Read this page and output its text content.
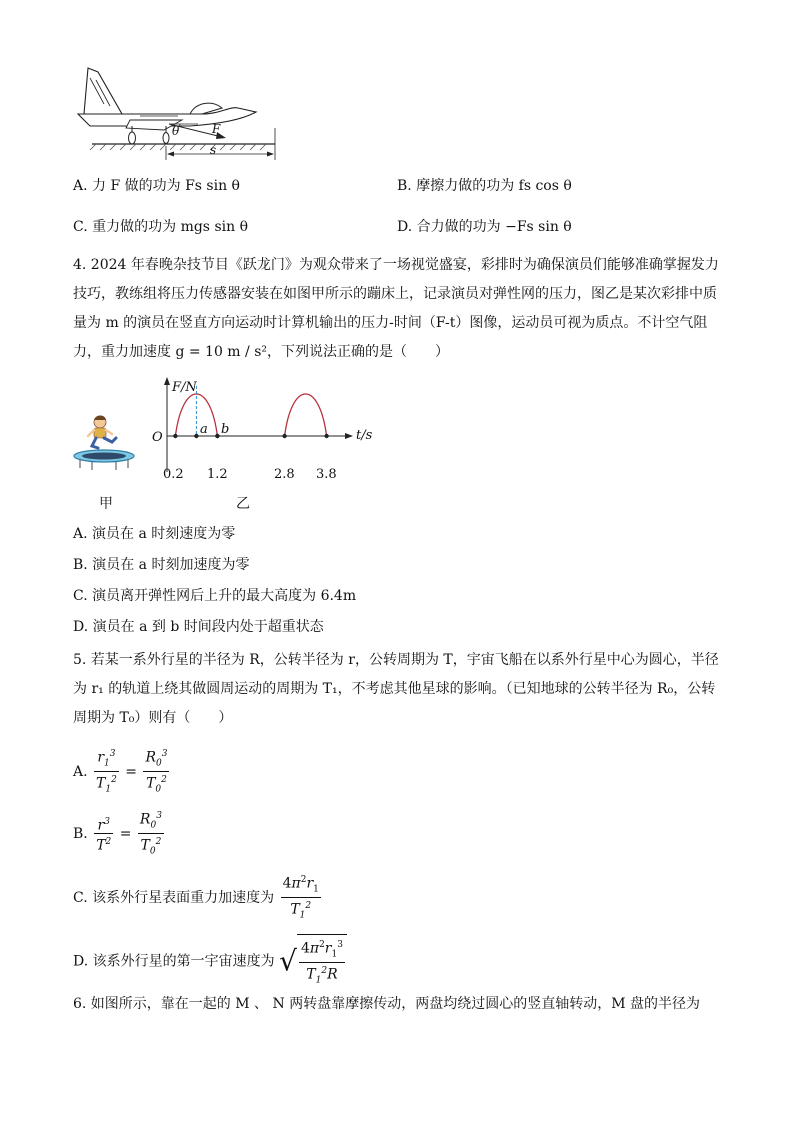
θ	F
s
A. 力 F 做的功为 Fs sin θ	B. 摩擦力做的功为 fs cos θ
C. 重力做的功为 mgs sin θ	D. 合力做的功为 −Fs sin θ
4. 2024 年春晚杂技节目《跃龙门》为观众带来了一场视觉盛宴，彩排时为确保演员们能够准确掌握发力技巧，教练组将压力传感器安装在如图甲所示的蹦床上，记录演员对弹性网的压力，图乙是某次彩排中质量为 m 的演员在竖直方向运动时计算机输出的压力-时间（F-t）图像，运动员可视为质点。不计空气阻力，重力加速度 g = 10 m / s²，下列说法正确的是（　　）
甲
F/N
t/s
O
a b
0.2 1.2	2.8 3.8
乙
A. 演员在 a 时刻速度为零
B. 演员在 a 时刻加速度为零
C. 演员离开弹性网后上升的最大高度为 6.4m
D. 演员在 a 到 b 时间段内处于超重状态
5. 若某一系外行星的半径为 R，公转半径为 r，公转周期为 T，宇宙飞船在以系外行星中心为圆心，半径为 r₁ 的轨道上绕其做圆周运动的周期为 T₁，不考虑其他星球的影响。（已知地球的公转半径为 R₀，公转周期为 T₀）则有（　　）
A. $\frac{r_1^3}{T_1^2} = \frac{R_0^3}{T_0^2}$
B. $\frac{r^3}{T^2} = \frac{R_0^3}{T_0^2}$
C. 该系外行星表面重力加速度为 $\frac{4\pi^2r_1}{T_1^2}$
D. 该系外行星的第一宇宙速度为 √ $\frac{4\pi^2r_1^3}{T_1^2R}$
6. 如图所示，靠在一起的 M 、 N 两转盘靠摩擦传动，两盘均绕过圆心的竖直轴转动，M 盘的半径为
